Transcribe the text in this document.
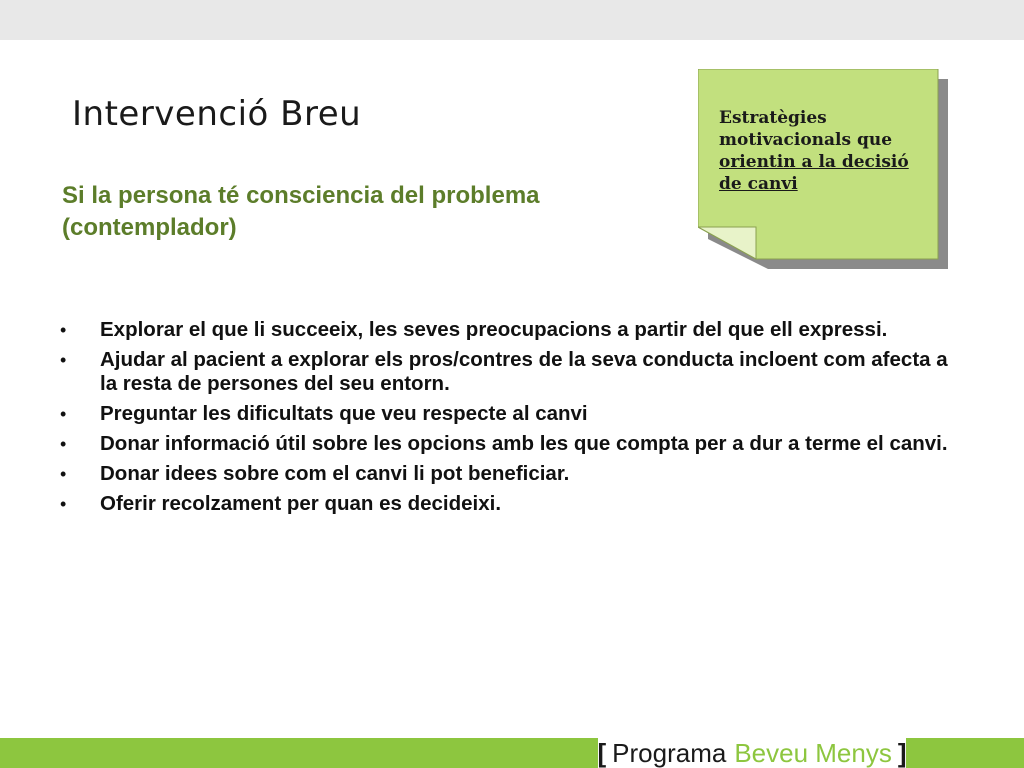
Intervenció Breu
Si la persona té consciencia del problema (contemplador)

Estratègies motivacionals que orientin a la decisió de canvi

• Explorar el que li succeeix, les seves preocupacions a partir del que ell expressi.
• Ajudar al pacient a explorar els pros/contres de la seva conducta incloent com afecta a la resta de persones del seu entorn.
• Preguntar les dificultats que veu respecte al canvi
• Donar informació útil sobre les opcions amb les que compta per a dur a terme el canvi.
• Donar idees sobre com el canvi li pot beneficiar.
• Oferir recolzament per quan es decideixi.
[ Programa Beveu Menys ]
